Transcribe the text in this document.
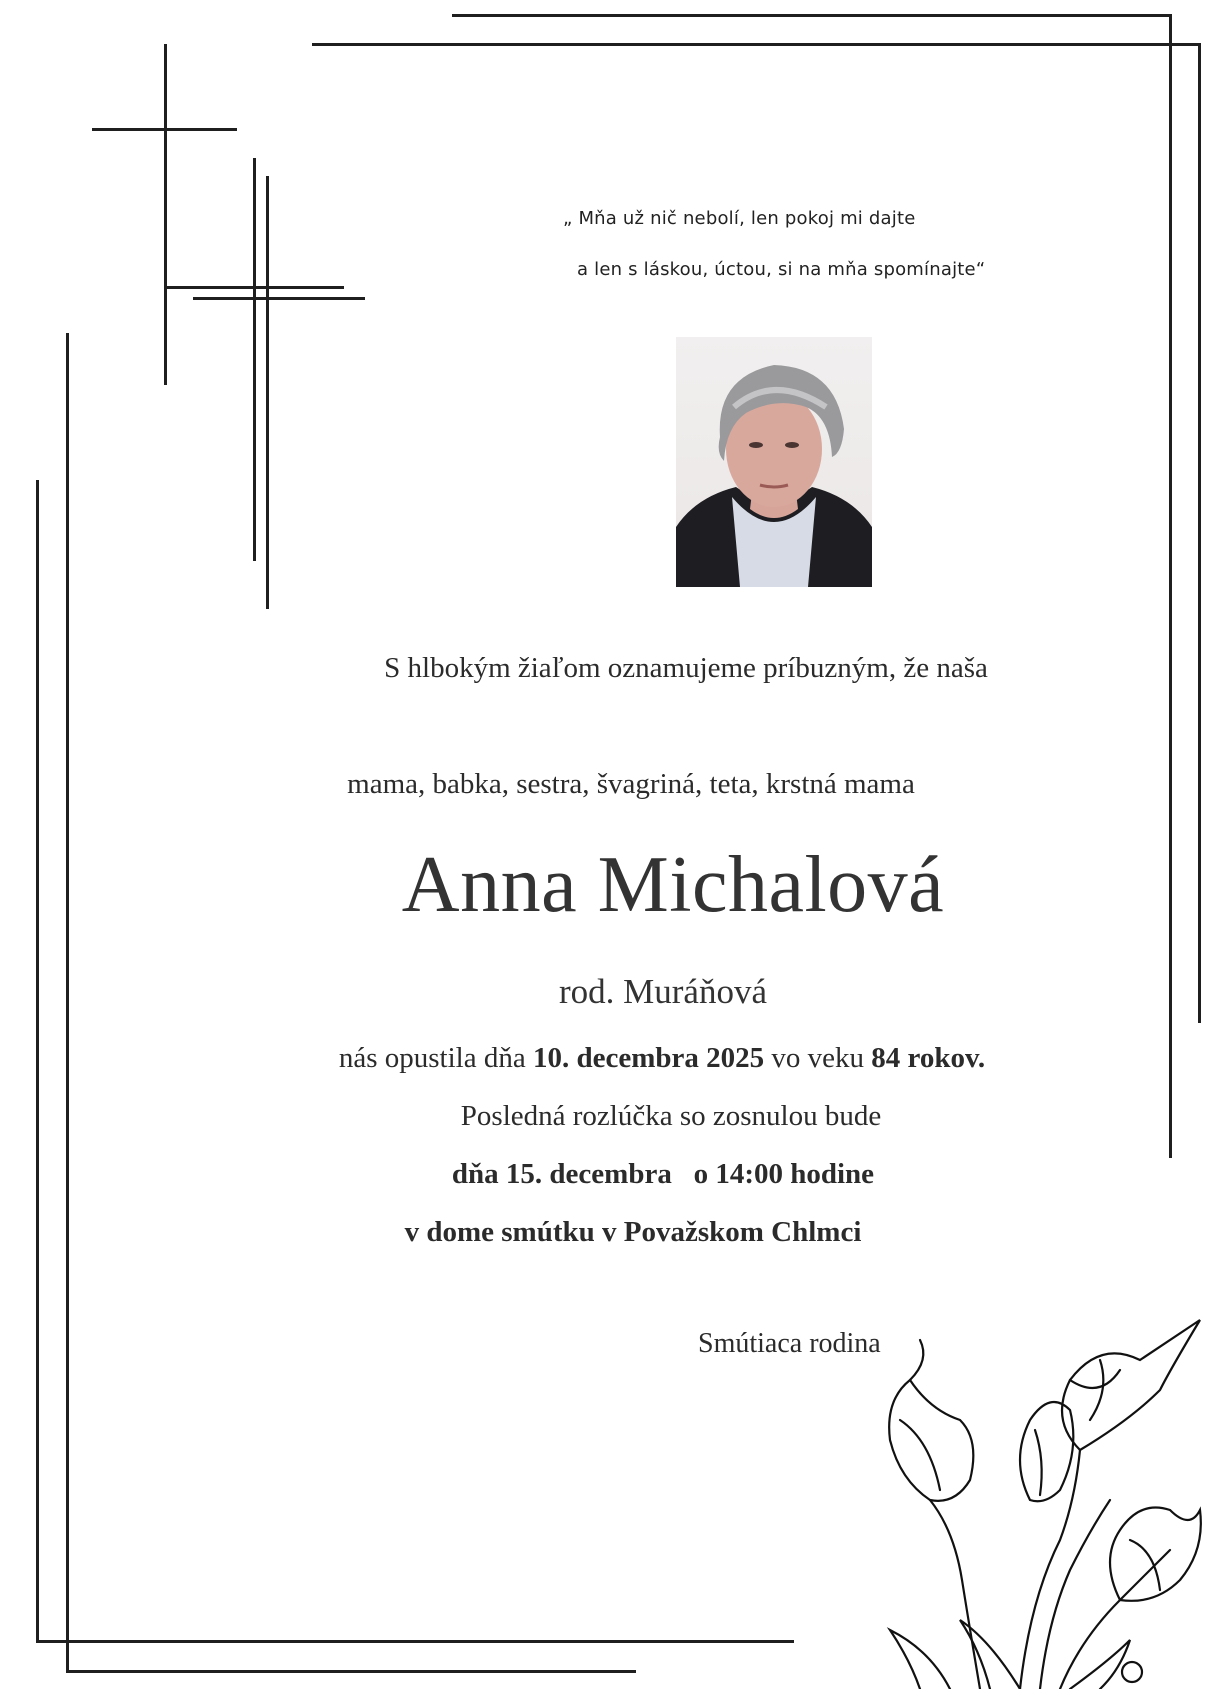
„ Mňa už nič nebolí, len pokoj mi dajte
a len s láskou, úctou, si na mňa spomínajte“
S hlbokým žiaľom oznamujeme príbuzným, že naša
mama, babka, sestra, švagriná, teta, krstná mama
Anna Michalová
rod. Muráňová
nás opustila dňa 10. decembra 2025 vo veku 84 rokov.
Posledná rozlúčka so zosnulou bude
dňa 15. decembra   o 14:00 hodine
v dome smútku v Považskom Chlmci
Smútiaca rodina
